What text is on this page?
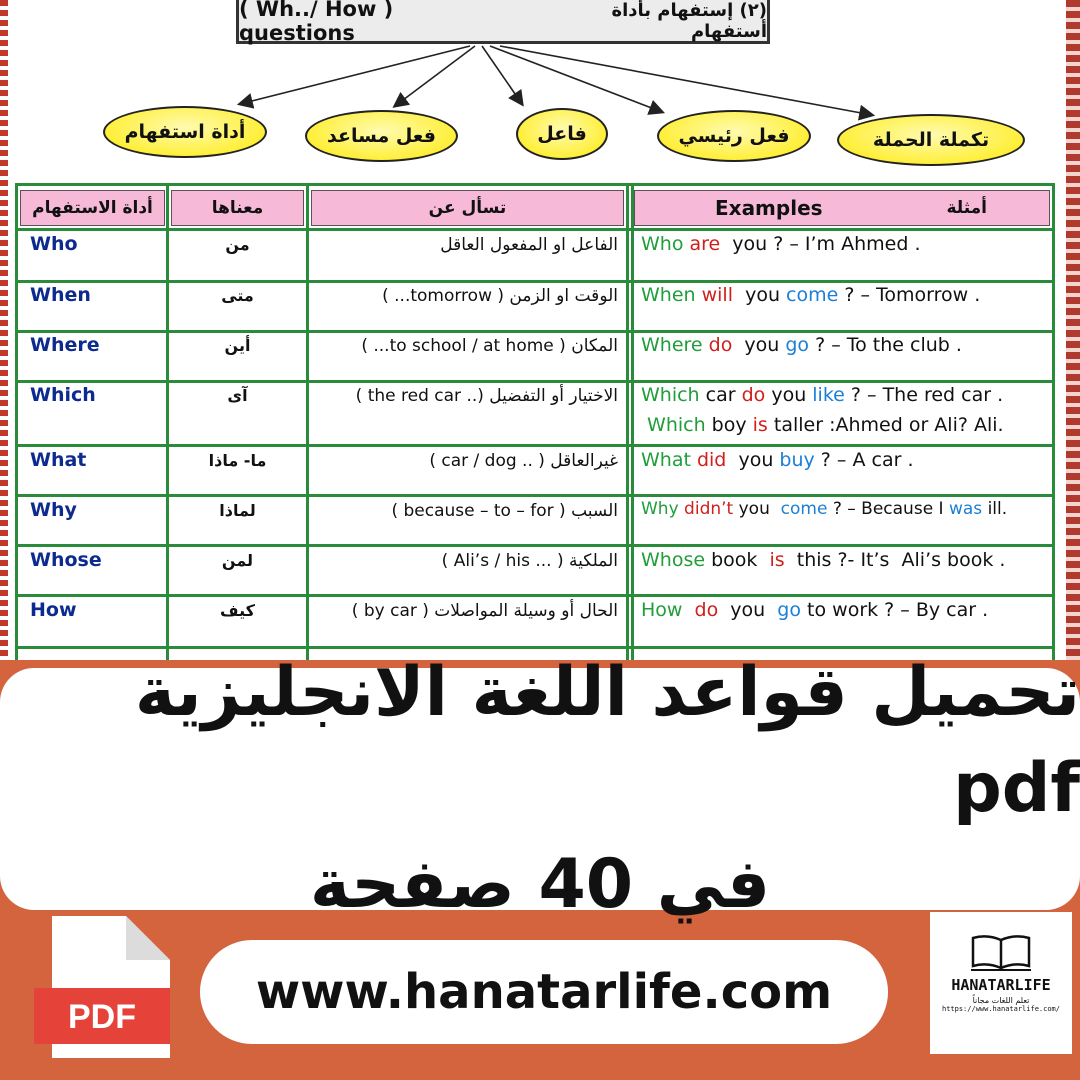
( Wh../ How ) questions
(٢) إستفهام بأداة أستفهام
أداة استفهام	فعل مساعد	فاعل	فعل رئيسي	تكملة الحملة
أداة الاستفهام	معناها	تسأل عن	Examples	أمثلة
Who	من	الفاعل او المفعول العاقل Who are  you ? – I’m Ahmed .
When	متى	الوقت او الزمن ( tomorrow... ) When will  you come ? – Tomorrow .
Where	أين	المكان ( to school / at home... ) Where do  you go ? – To the club .
Which	آى	الاختيار أو التفضيل (.. the red car ) Which car do you like ? – The red car .
Which boy is taller :Ahmed or Ali? Ali.
What	ما- ماذا	غيرالعاقل ( .. car / dog ) What did  you buy ? – A car .
Why	لماذا	السبب ( because – to – for ) Why didn’t you  come ? – Because I was ill.
Whose	لمن	الملكية ( ... Ali’s / his ) Whose book  is  this ?- It’s  Ali’s book .
How	كيف	الحال أو وسيلة المواصلات ( by car ) How  do  you  go to work ? – By car .
تحميل قواعد اللغة الانجليزية pdf
في 40 صفحة
PDF www.hanatarlife.com	HANATARLIFE
تعلم اللغات مجاناً
https://www.hanatarlife.com/
